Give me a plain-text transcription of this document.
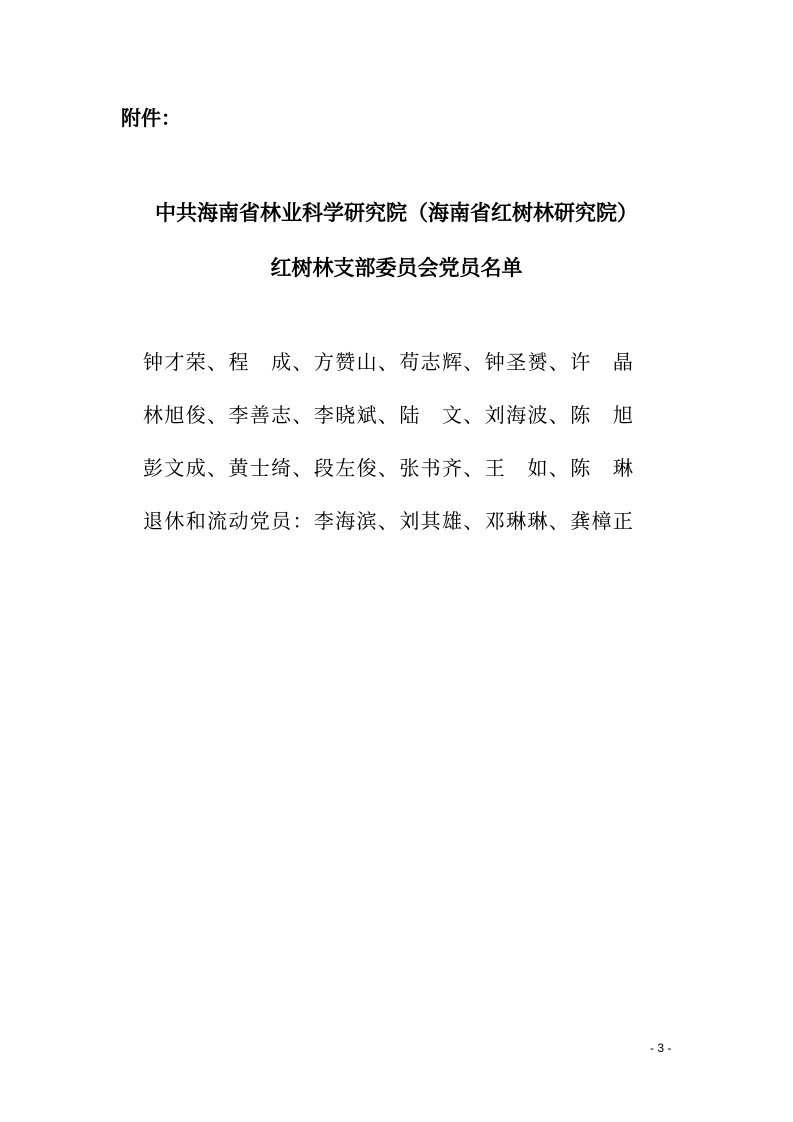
附件：
中共海南省林业科学研究院（海南省红树林研究院）
红树林支部委员会党员名单
钟 才 荣 、 程 成 、 方 赞 山 、 苟 志 辉 、 钟 圣 赟 、 许 晶
林 旭 俊 、 李 善 志 、 李 晓 斌 、 陆 文 、 刘 海 波 、 陈 旭
彭 文 成 、 黄 士 绮 、 段 左 俊 、 张 书 齐 、 王 如 、 陈 琳
退 休 和 流 动 党 员 ： 李 海 滨 、 刘 其 雄 、 邓 琳 琳 、 龚 樟 正
- 3 -
